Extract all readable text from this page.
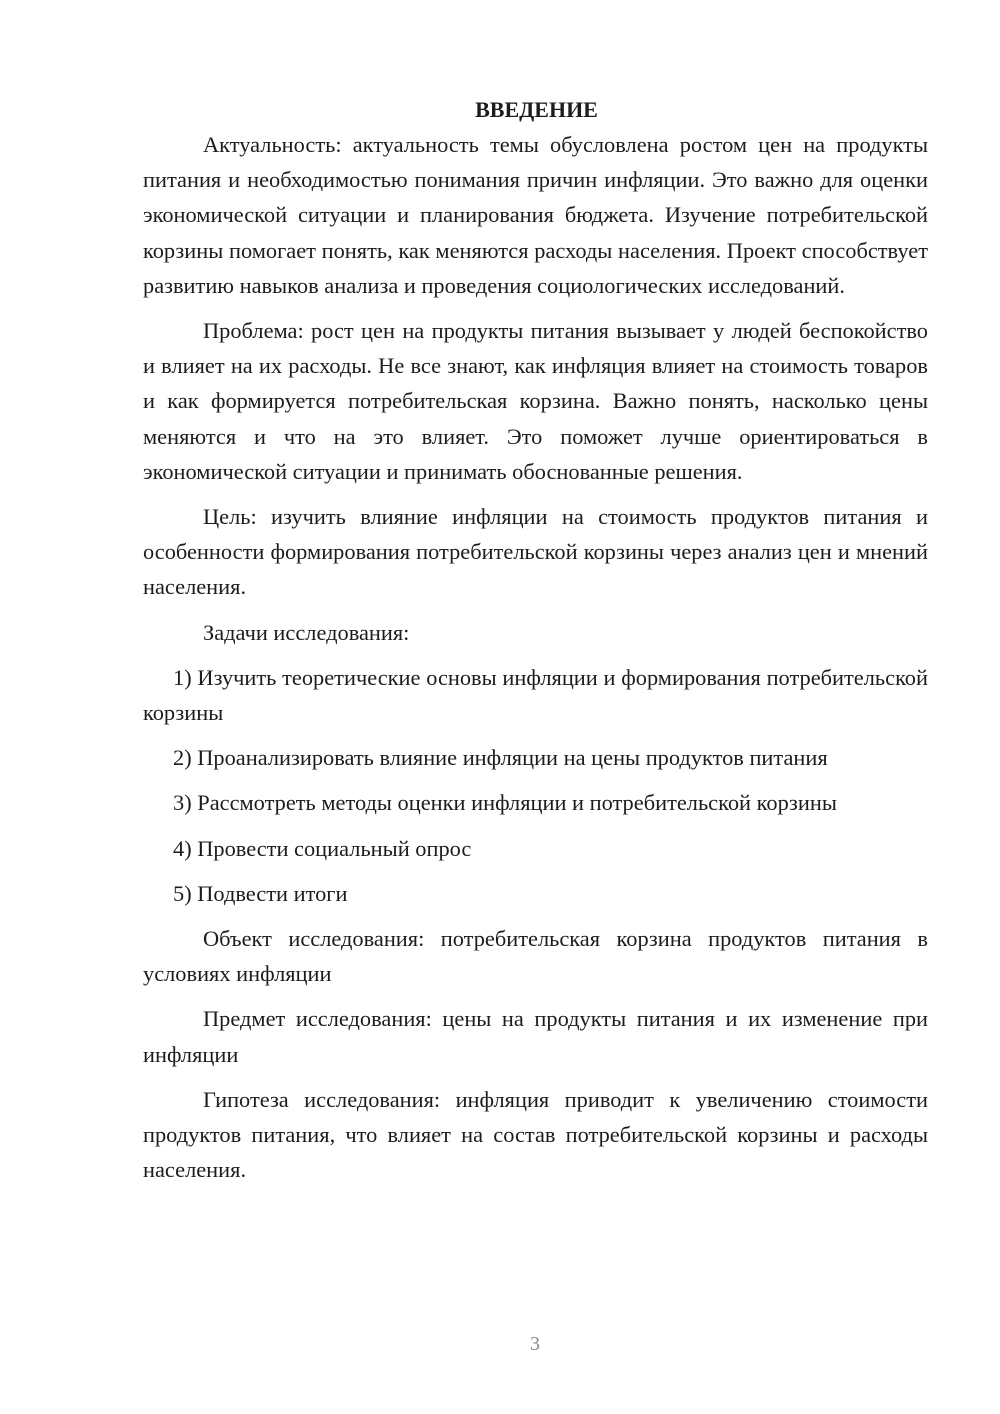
ВВЕДЕНИЕ

Актуальность: актуальность темы обусловлена ростом цен на продукты питания и необходимостью понимания причин инфляции. Это важно для оценки экономической ситуации и планирования бюджета. Изучение потребительской корзины помогает понять, как меняются расходы населения. Проект способствует развитию навыков анализа и проведения социологических исследований.

Проблема: рост цен на продукты питания вызывает у людей беспокойство и влияет на их расходы. Не все знают, как инфляция влияет на стоимость товаров и как формируется потребительская корзина. Важно понять, насколько цены меняются и что на это влияет. Это поможет лучше ориентироваться в экономической ситуации и принимать обоснованные решения.

Цель: изучить влияние инфляции на стоимость продуктов питания и особенности формирования потребительской корзины через анализ цен и мнений населения.

Задачи исследования:

1) Изучить теоретические основы инфляции и формирования потребительской корзины

2) Проанализировать влияние инфляции на цены продуктов питания

3) Рассмотреть методы оценки инфляции и потребительской корзины

4) Провести социальный опрос

5) Подвести итоги

Объект исследования: потребительская корзина продуктов питания в условиях инфляции

Предмет исследования: цены на продукты питания и их изменение при инфляции

Гипотеза исследования: инфляция приводит к увеличению стоимости продуктов питания, что влияет на состав потребительской корзины и расходы населения.

3
